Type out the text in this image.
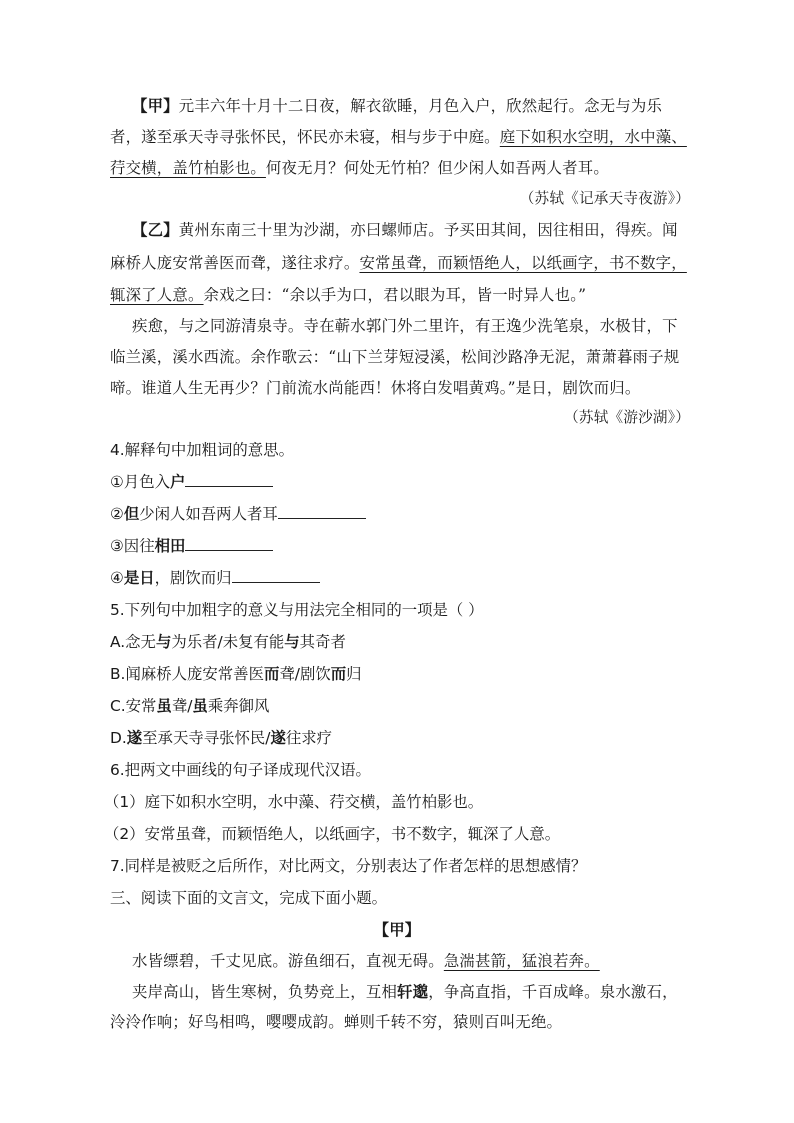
【甲】元丰六年十月十二日夜，解衣欲睡，月色入户，欣然起行。念无与为乐
者，遂至承天寺寻张怀民，怀民亦未寝，相与步于中庭。庭下如积水空明，水中藻、
荇交横，盖竹柏影也。何夜无月？何处无竹柏？但少闲人如吾两人者耳。
（苏轼《记承天寺夜游》）
【乙】黄州东南三十里为沙湖，亦曰螺师店。予买田其间，因往相田，得疾。闻
麻桥人庞安常善医而聋，遂往求疗。安常虽聋，而颖悟绝人，以纸画字，书不数字，
辄深了人意。余戏之曰：“余以手为口，君以眼为耳，皆一时异人也。”
疾愈，与之同游清泉寺。寺在蕲水郭门外二里许，有王逸少洗笔泉，水极甘，下
临兰溪，溪水西流。余作歌云：“山下兰芽短浸溪，松间沙路净无泥，萧萧暮雨子规
啼。谁道人生无再少？门前流水尚能西！休将白发唱黄鸡。”是日，剧饮而归。
（苏轼《游沙湖》）
4.解释句中加粗词的意思。
①月色入户
②但少闲人如吾两人者耳
③因往相田
④是日，剧饮而归
5.下列句中加粗字的意义与用法完全相同的一项是（ ）
A.念无与为乐者/未复有能与其奇者
B.闻麻桥人庞安常善医而聋/剧饮而归
C.安常虽聋/虽乘奔御风
D.遂至承天寺寻张怀民/遂往求疗
6.把两文中画线的句子译成现代汉语。
（1）庭下如积水空明，水中藻、荇交横，盖竹柏影也。
（2）安常虽聋，而颖悟绝人，以纸画字，书不数字，辄深了人意。
7.同样是被贬之后所作，对比两文，分别表达了作者怎样的思想感情？
三、阅读下面的文言文，完成下面小题。
【甲】
水皆缥碧，千丈见底。游鱼细石，直视无碍。急湍甚箭，猛浪若奔。
夹岸高山，皆生寒树，负势竞上，互相轩邈，争高直指，千百成峰。泉水激石，
泠泠作响；好鸟相鸣，嘤嘤成韵。蝉则千转不穷，猿则百叫无绝。
